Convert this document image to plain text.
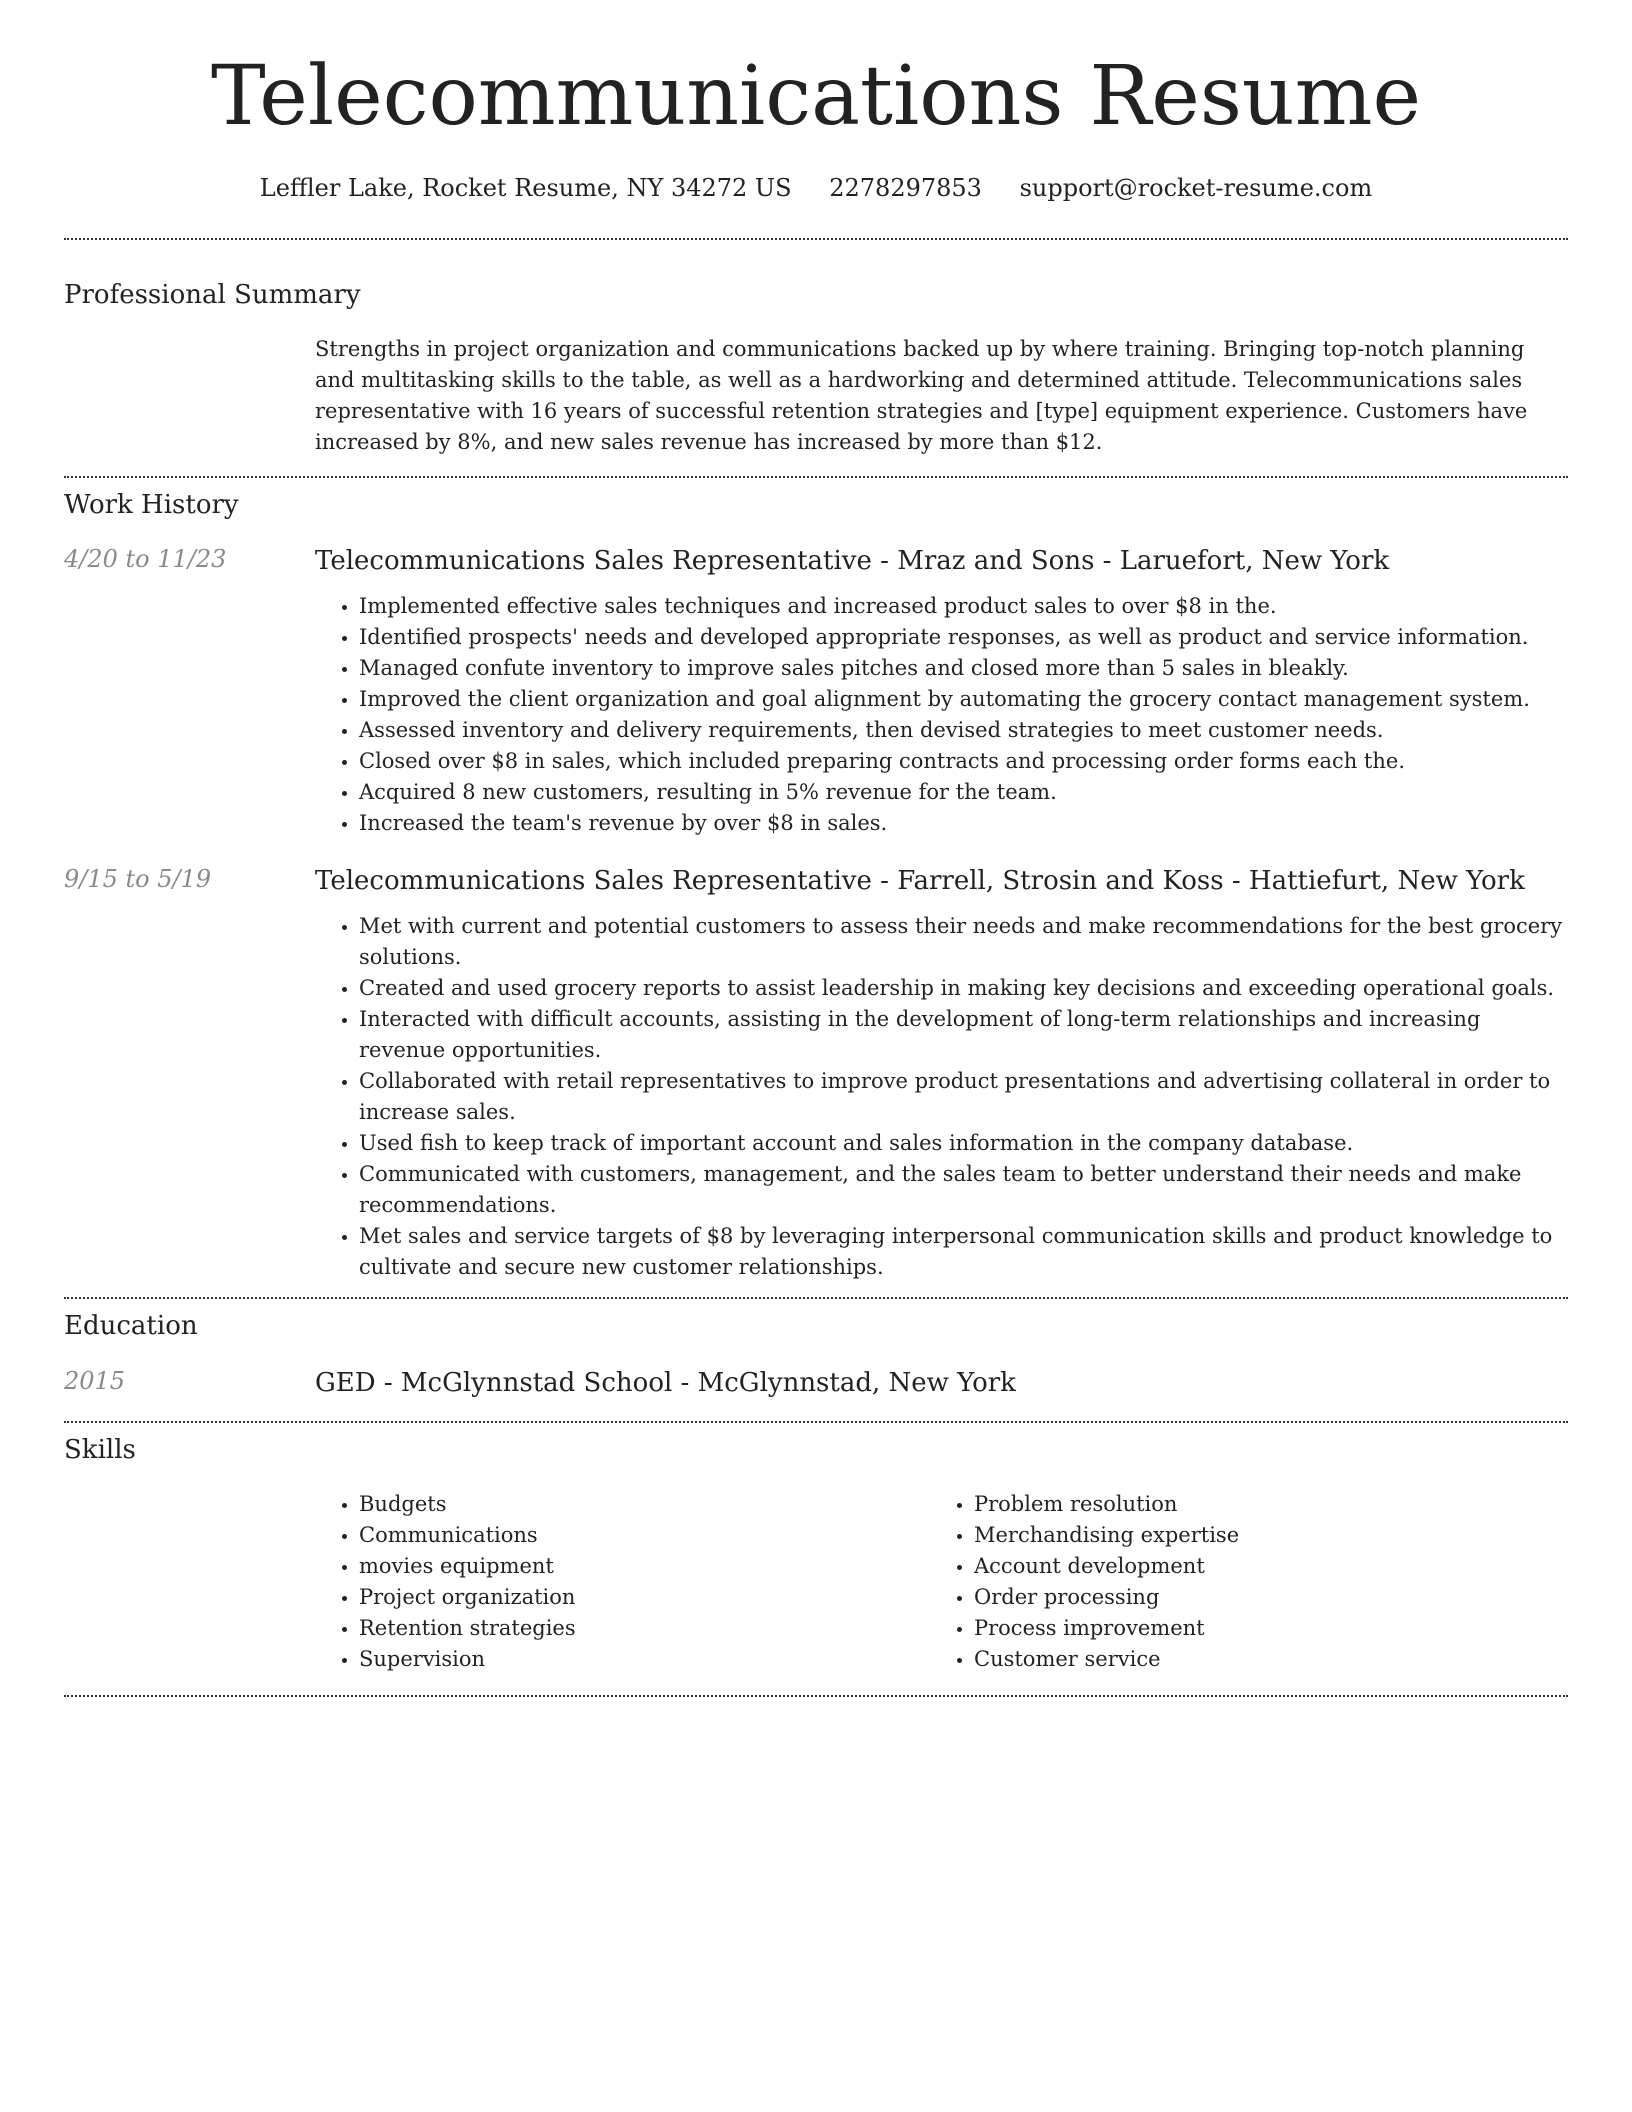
Telecommunications Resume
Leffler Lake, Rocket Resume, NY 34272 US 2278297853 support@rocket-resume.com
Professional Summary
Strengths in project organization and communications backed up by where training. Bringing top-notch planning and multitasking skills to the table, as well as a hardworking and determined attitude. Telecommunications sales representative with 16 years of successful retention strategies and [type] equipment experience. Customers have increased by 8%, and new sales revenue has increased by more than $12.
Work History
4/20 to 11/23	Telecommunications Sales Representative - Mraz and Sons - Laruefort, New York
• Implemented effective sales techniques and increased product sales to over $8 in the.
• Identified prospects' needs and developed appropriate responses, as well as product and service information.
• Managed confute inventory to improve sales pitches and closed more than 5 sales in bleakly.
• Improved the client organization and goal alignment by automating the grocery contact management system.
• Assessed inventory and delivery requirements, then devised strategies to meet customer needs.
• Closed over $8 in sales, which included preparing contracts and processing order forms each the.
• Acquired 8 new customers, resulting in 5% revenue for the team.
• Increased the team's revenue by over $8 in sales.
9/15 to 5/19	Telecommunications Sales Representative - Farrell, Strosin and Koss - Hattiefurt, New York
• Met with current and potential customers to assess their needs and make recommendations for the best grocery solutions.
• Created and used grocery reports to assist leadership in making key decisions and exceeding operational goals.
• Interacted with difficult accounts, assisting in the development of long-term relationships and increasing revenue opportunities.
• Collaborated with retail representatives to improve product presentations and advertising collateral in order to increase sales.
• Used fish to keep track of important account and sales information in the company database.
• Communicated with customers, management, and the sales team to better understand their needs and make recommendations.
• Met sales and service targets of $8 by leveraging interpersonal communication skills and product knowledge to cultivate and secure new customer relationships.
Education
2015	GED - McGlynnstad School - McGlynnstad, New York
Skills
• Budgets
• Communications
• movies equipment
• Project organization
• Retention strategies
• Supervision
• Problem resolution
• Merchandising expertise
• Account development
• Order processing
• Process improvement
• Customer service
